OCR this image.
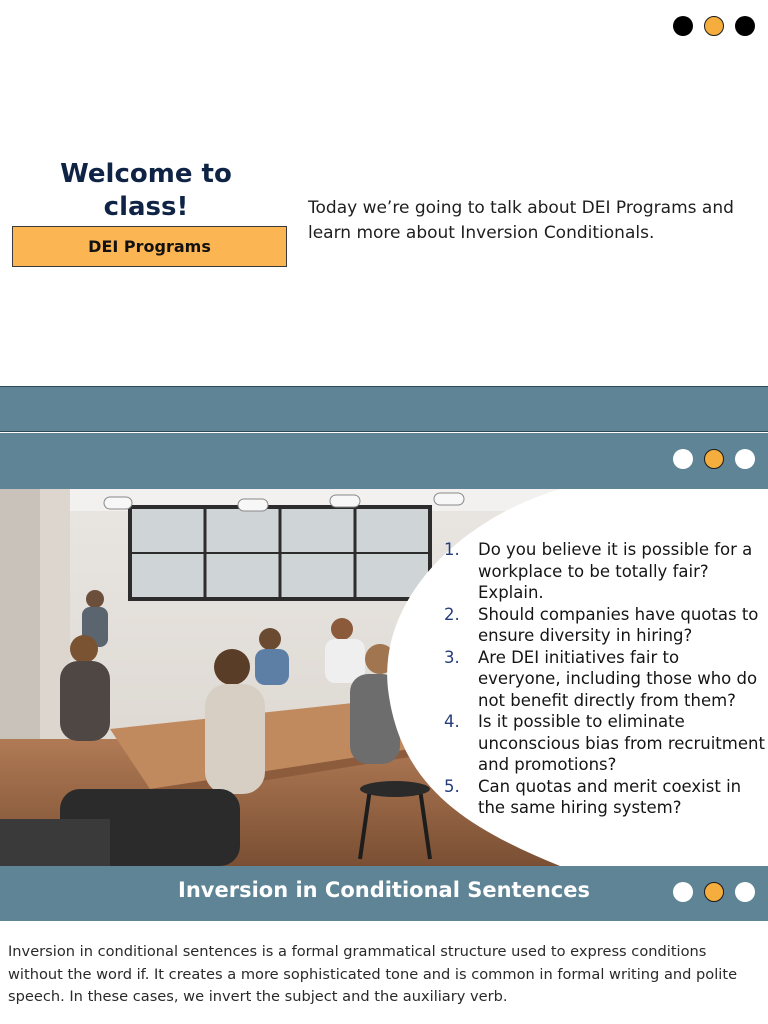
Welcome to class!
DEI Programs
Today we’re going to talk about DEI Programs and learn more about Inversion Conditionals.
1.	Do you believe it is possible for a workplace to be totally fair? Explain.
2.	Should companies have quotas to ensure diversity in hiring?
3.	Are DEI initiatives fair to everyone, including those who do not benefit directly from them?
4.	Is it possible to eliminate unconscious bias from recruitment and promotions?
5.	Can quotas and merit coexist in the same hiring system?
Inversion in Conditional Sentences
Inversion in conditional sentences is a formal grammatical structure used to express conditions without the word if. It creates a more sophisticated tone and is common in formal writing and polite speech. In these cases, we invert the subject and the auxiliary verb.
